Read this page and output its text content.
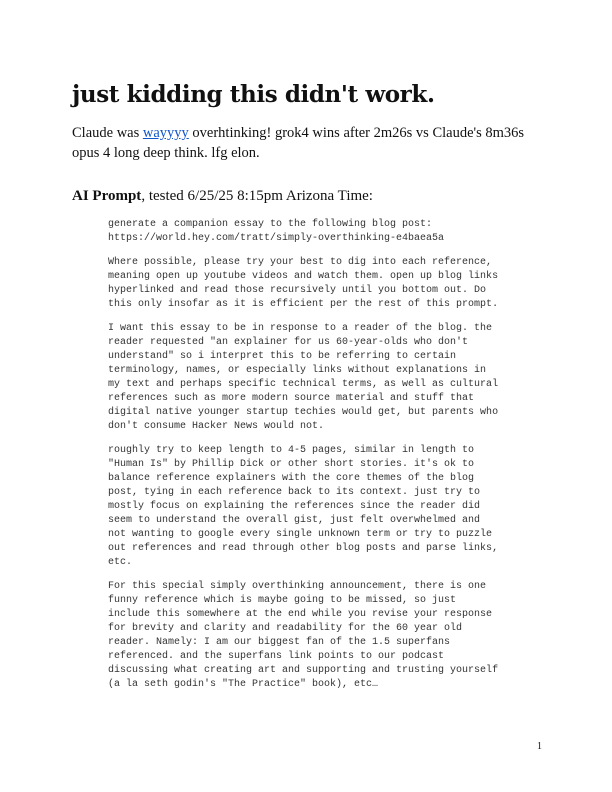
just kidding this didn't work.

Claude was wayyyy overhtinking! grok4 wins after 2m26s vs Claude's 8m36s
opus 4 long deep think. lfg elon.

AI Prompt, tested 6/25/25 8:15pm Arizona Time:

generate a companion essay to the following blog post:
https://world.hey.com/tratt/simply-overthinking-e4baea5a

Where possible, please try your best to dig into each reference,
meaning open up youtube videos and watch them. open up blog links
hyperlinked and read those recursively until you bottom out. Do
this only insofar as it is efficient per the rest of this prompt.

I want this essay to be in response to a reader of the blog. the
reader requested "an explainer for us 60-year-olds who don't
understand" so i interpret this to be referring to certain
terminology, names, or especially links without explanations in
my text and perhaps specific technical terms, as well as cultural
references such as more modern source material and stuff that
digital native younger startup techies would get, but parents who
don't consume Hacker News would not.

roughly try to keep length to 4-5 pages, similar in length to
"Human Is" by Phillip Dick or other short stories. it's ok to
balance reference explainers with the core themes of the blog
post, tying in each reference back to its context. just try to
mostly focus on explaining the references since the reader did
seem to understand the overall gist, just felt overwhelmed and
not wanting to google every single unknown term or try to puzzle
out references and read through other blog posts and parse links,
etc.

For this special simply overthinking announcement, there is one
funny reference which is maybe going to be missed, so just
include this somewhere at the end while you revise your response
for brevity and clarity and readability for the 60 year old
reader. Namely: I am our biggest fan of the 1.5 superfans
referenced. and the superfans link points to our podcast
discussing what creating art and supporting and trusting yourself
(a la seth godin's "The Practice" book), etc…

1
